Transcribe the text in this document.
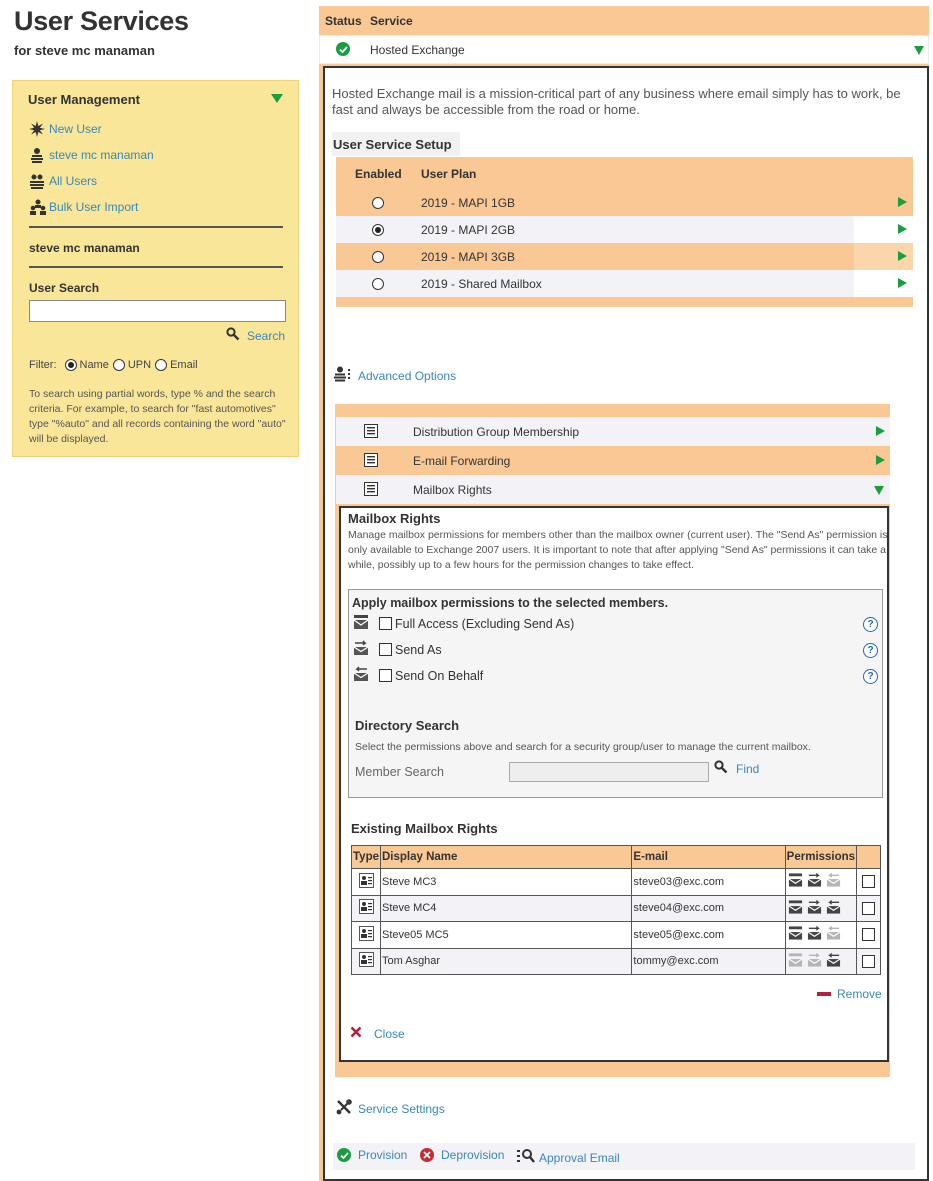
User Services
for steve mc manaman
User Management
New User
steve mc manaman
All Users
Bulk User Import
steve mc manaman
User Search
Search
Filter: Name UPN Email
To search using partial words, type % and the search criteria. For example, to search for "fast automotives" type "%auto" and all records containing the word "auto" will be displayed.
Status Service
Hosted Exchange
Hosted Exchange mail is a mission-critical part of any business where email simply has to work, be fast and always be accessible from the road or home.
User Service Setup
Enabled User Plan
2019 - MAPI 1GB
2019 - MAPI 2GB
2019 - MAPI 3GB
2019 - Shared Mailbox
Advanced Options
Distribution Group Membership
E-mail Forwarding
Mailbox Rights
Mailbox Rights
Manage mailbox permissions for members other than the mailbox owner (current user). The "Send As" permission is only available to Exchange 2007 users. It is important to note that after applying "Send As" permissions it can take a while, possibly up to a few hours for the permission changes to take effect.
Apply mailbox permissions to the selected members.
Full Access (Excluding Send As)
Send As
Send On Behalf
?
?
?
Directory Search
Select the permissions above and search for a security group/user to manage the current mailbox.
Member Search	Find
Existing Mailbox Rights
Type	Display Name	E-mail	Permissions	
	Steve MC3	steve03@exc.com		
	Steve MC4	steve04@exc.com		
	Steve05 MC5	steve05@exc.com		
	Tom Asghar	tommy@exc.com		
Remove
Close
Service Settings
Provision	Deprovision	Approval Email
